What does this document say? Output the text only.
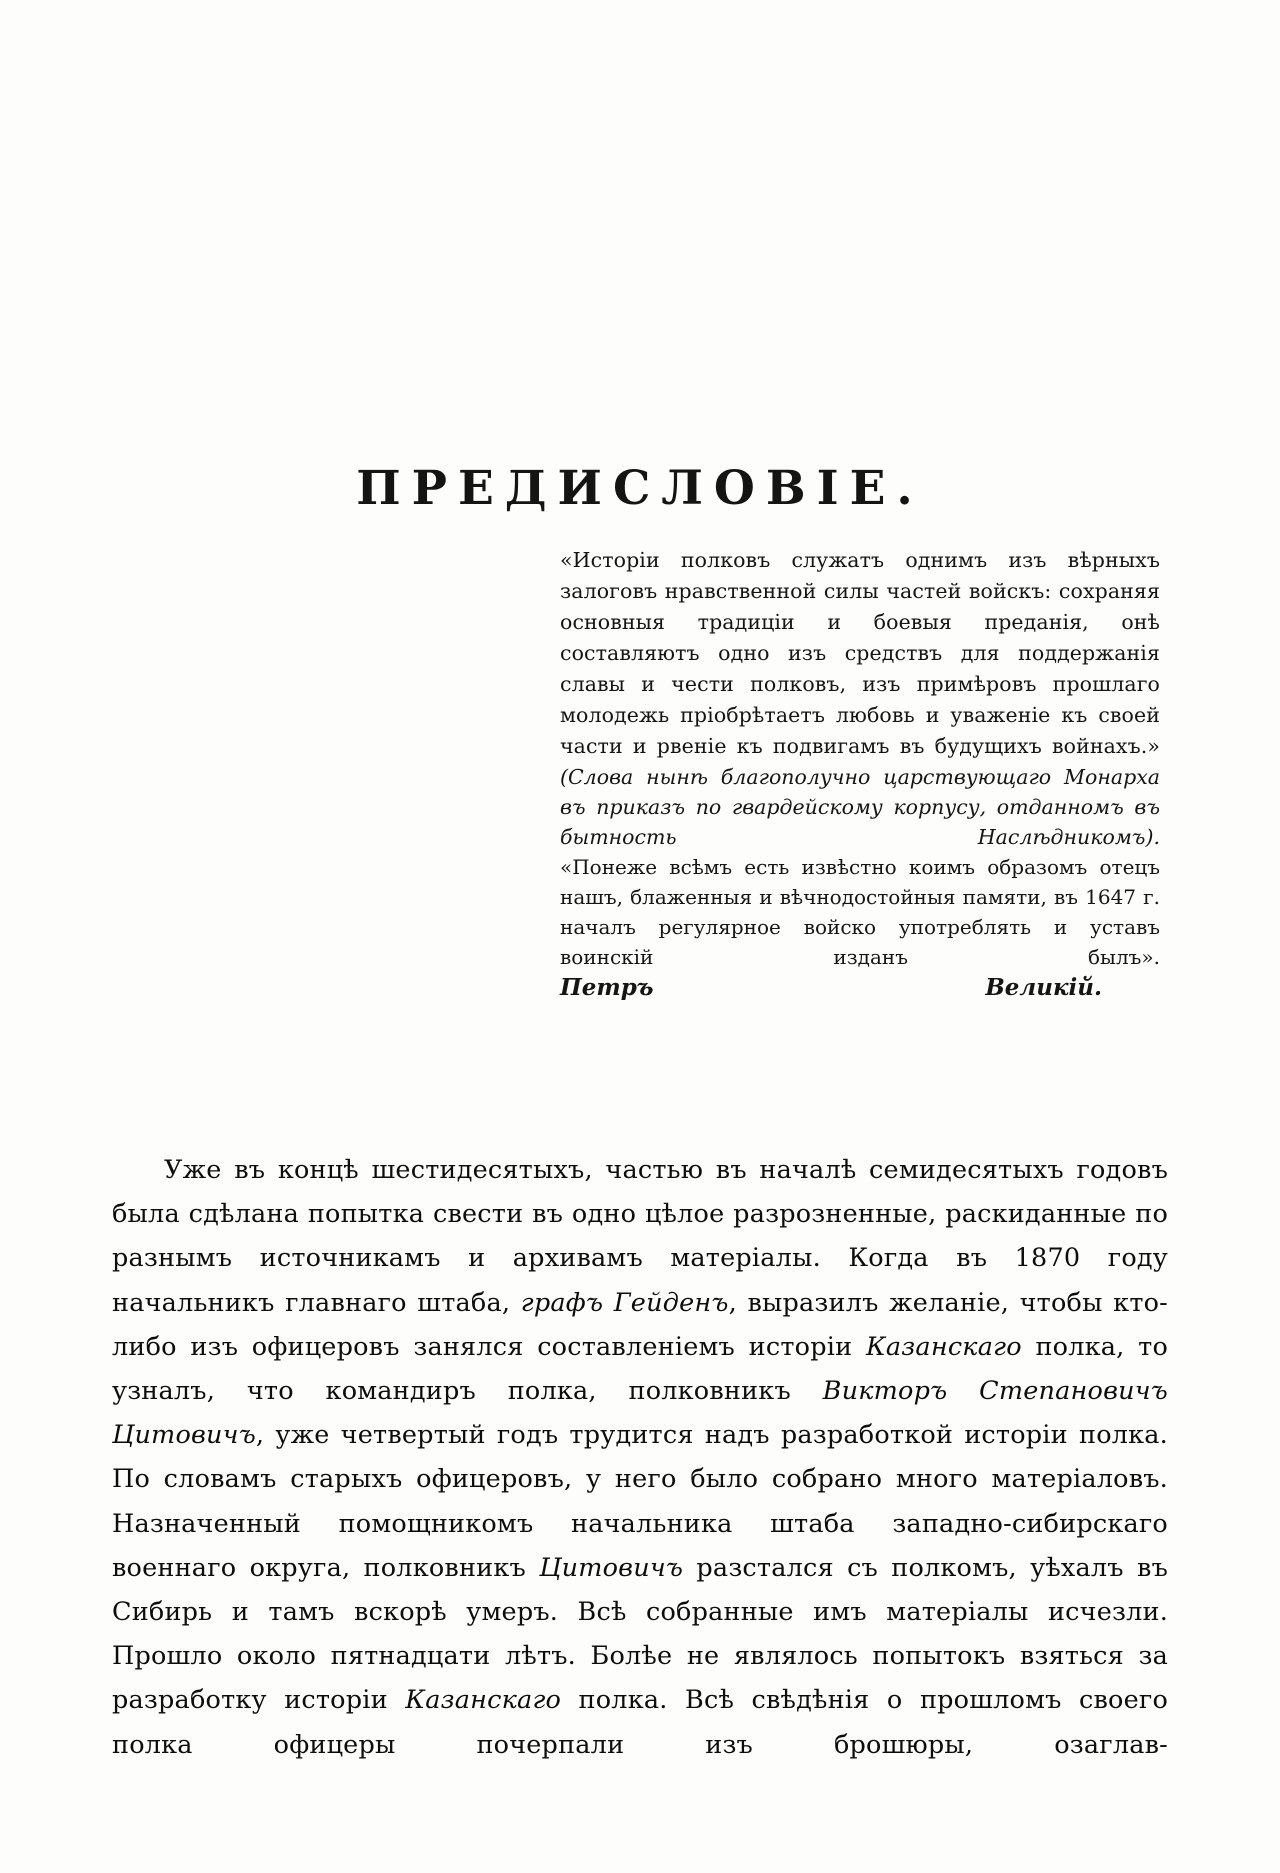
ПРЕДИСЛОВІЕ.

«Исторіи полковъ служатъ однимъ изъ вѣрныхъ залоговъ нравственной силы частей войскъ: сохраняя основныя традиціи и боевыя преданія, онѣ составляютъ одно изъ средствъ для поддержанія славы и чести полковъ, изъ примѣровъ прошлаго молодежь пріобрѣтаетъ любовь и уваженіе къ своей части и рвеніе къ подвигамъ въ будущихъ войнахъ.»

(Слова нынѣ благополучно царствующаго Монарха въ приказъ по гвардейскому корпусу, отданномъ въ бытность Наслѣдникомъ).

«Понеже всѣмъ есть извѣстно коимъ образомъ отецъ нашъ, блаженныя и вѣчнодостойныя памяти, въ 1647 г. началъ регулярное войско употреблять и уставъ воинскій изданъ былъ».

Петръ Великій.

Уже въ концѣ шестидесятыхъ, частью въ началѣ семидесятыхъ годовъ была сдѣлана попытка свести въ одно цѣлое разрозненные, раскиданные по разнымъ источникамъ и архивамъ матеріалы. Когда въ 1870 году начальникъ главнаго штаба, графъ Гейденъ, выразилъ желаніе, чтобы кто-либо изъ офицеровъ занялся составленіемъ исторіи Казанскаго полка, то узналъ, что командиръ полка, полковникъ Викторъ Степановичъ Цитовичъ, уже четвертый годъ трудится надъ разработкой исторіи полка. По словамъ старыхъ офицеровъ, у него было собрано много матеріаловъ. Назначенный помощникомъ начальника штаба западно-сибирскаго военнаго округа, полковникъ Цитовичъ разстался съ полкомъ, уѣхалъ въ Сибирь и тамъ вскорѣ умеръ. Всѣ собранные имъ матеріалы исчезли. Прошло около пятнадцати лѣтъ. Болѣе не являлось попытокъ взяться за разработку исторіи Казанскаго полка. Всѣ свѣдѣнія о прошломъ своего полка офицеры почерпали изъ брошюры, озаглав-
